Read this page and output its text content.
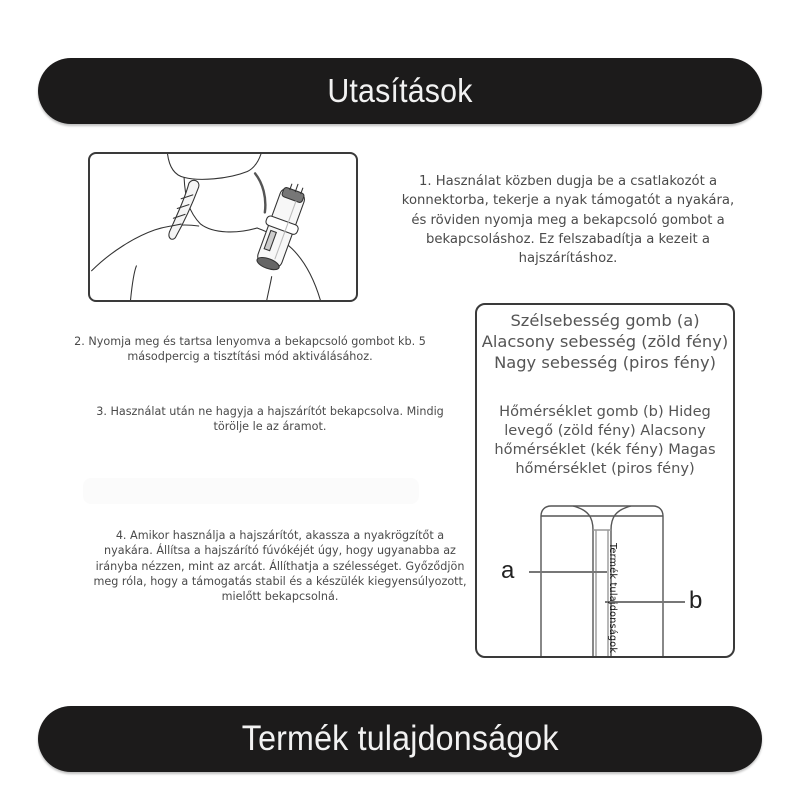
Utasítások
1. Használat közben dugja be a csatlakozót a konnektorba, tekerje a nyak támogatót a nyakára, és röviden nyomja meg a bekapcsoló gombot a bekapcsoláshoz. Ez felszabadítja a kezeit a hajszárításhoz.
2. Nyomja meg és tartsa lenyomva a bekapcsoló gombot kb. 5 másodpercig a tisztítási mód aktiválásához.
3. Használat után ne hagyja a hajszárítót bekapcsolva. Mindig törölje le az áramot.
4. Amikor használja a hajszárítót, akassza a nyakrögzítőt a nyakára. Állítsa a hajszárító fúvókéjét úgy, hogy ugyanabba az irányba nézzen, mint az arcát. Állíthatja a szélességet. Győződjön meg róla, hogy a támogatás stabil és a készülék kiegyensúlyozott, mielőtt bekapcsolná.
Szélsebesség gomb (a) Alacsony sebesség (zöld fény) Nagy sebesség (piros fény)
Hőmérséklet gomb (b) Hideg levegő (zöld fény) Alacsony hőmérséklet (kék fény) Magas hőmérséklet (piros fény)
Termék tulajdonságok
a
b
Termék tulajdonságok
